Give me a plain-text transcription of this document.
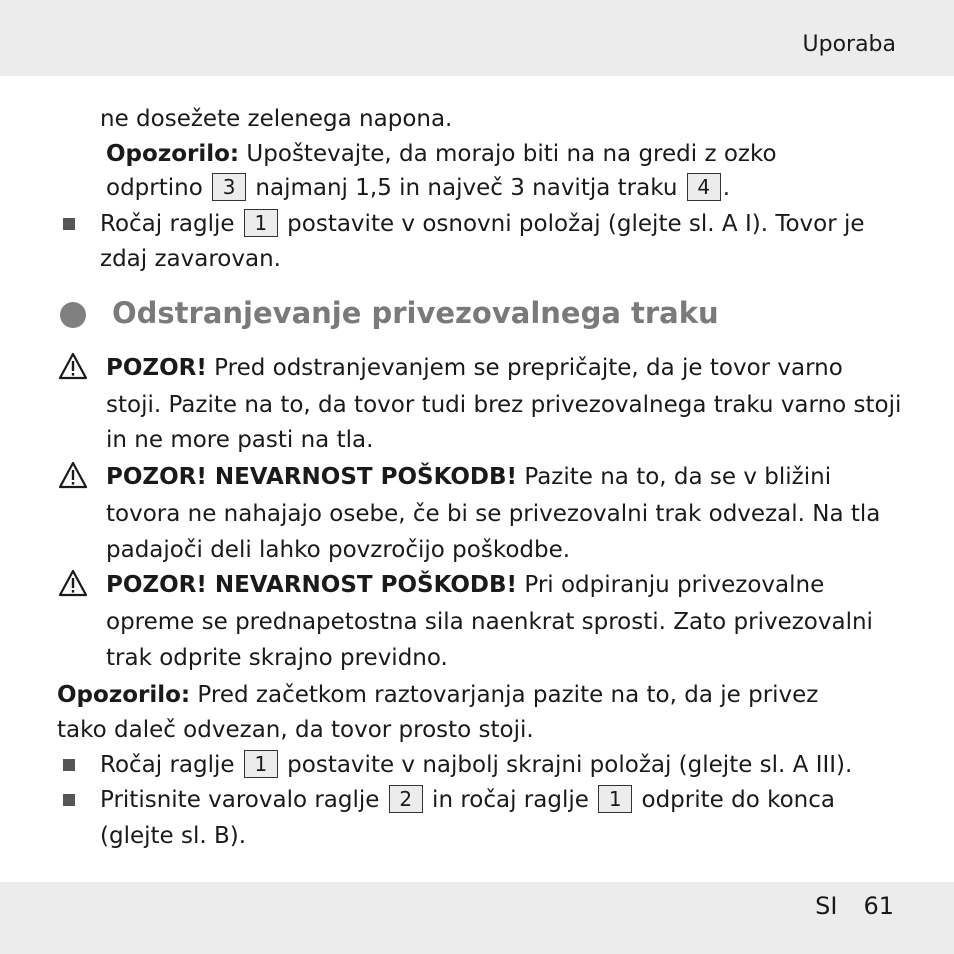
Uporaba
ne dosežete zelenega napona.
Opozorilo: Upoštevajte, da morajo biti na na gredi z ozko
odprtino 3 najmanj 1,5 in največ 3 navitja traku 4 .
Ročaj raglje 1 postavite v osnovni položaj (glejte sl. A I). Tovor je
zdaj zavarovan.
Odstranjevanje privezovalnega traku
POZOR! Pred odstranjevanjem se prepričajte, da je tovor varno
stoji. Pazite na to, da tovor tudi brez privezovalnega traku varno stoji
in ne more pasti na tla.
POZOR! NEVARNOST POŠKODB! Pazite na to, da se v bližini
tovora ne nahajajo osebe, če bi se privezovalni trak odvezal. Na tla
padajoči deli lahko povzročijo poškodbe.
POZOR! NEVARNOST POŠKODB! Pri odpiranju privezovalne
opreme se prednapetostna sila naenkrat sprosti. Zato privezovalni
trak odprite skrajno previdno.
Opozorilo: Pred začetkom raztovarjanja pazite na to, da je privez
tako daleč odvezan, da tovor prosto stoji.
Ročaj raglje 1 postavite v najbolj skrajni položaj (glejte sl. A III).
Pritisnite varovalo raglje 2 in ročaj raglje 1 odprite do konca
(glejte sl. B).
SI 61
